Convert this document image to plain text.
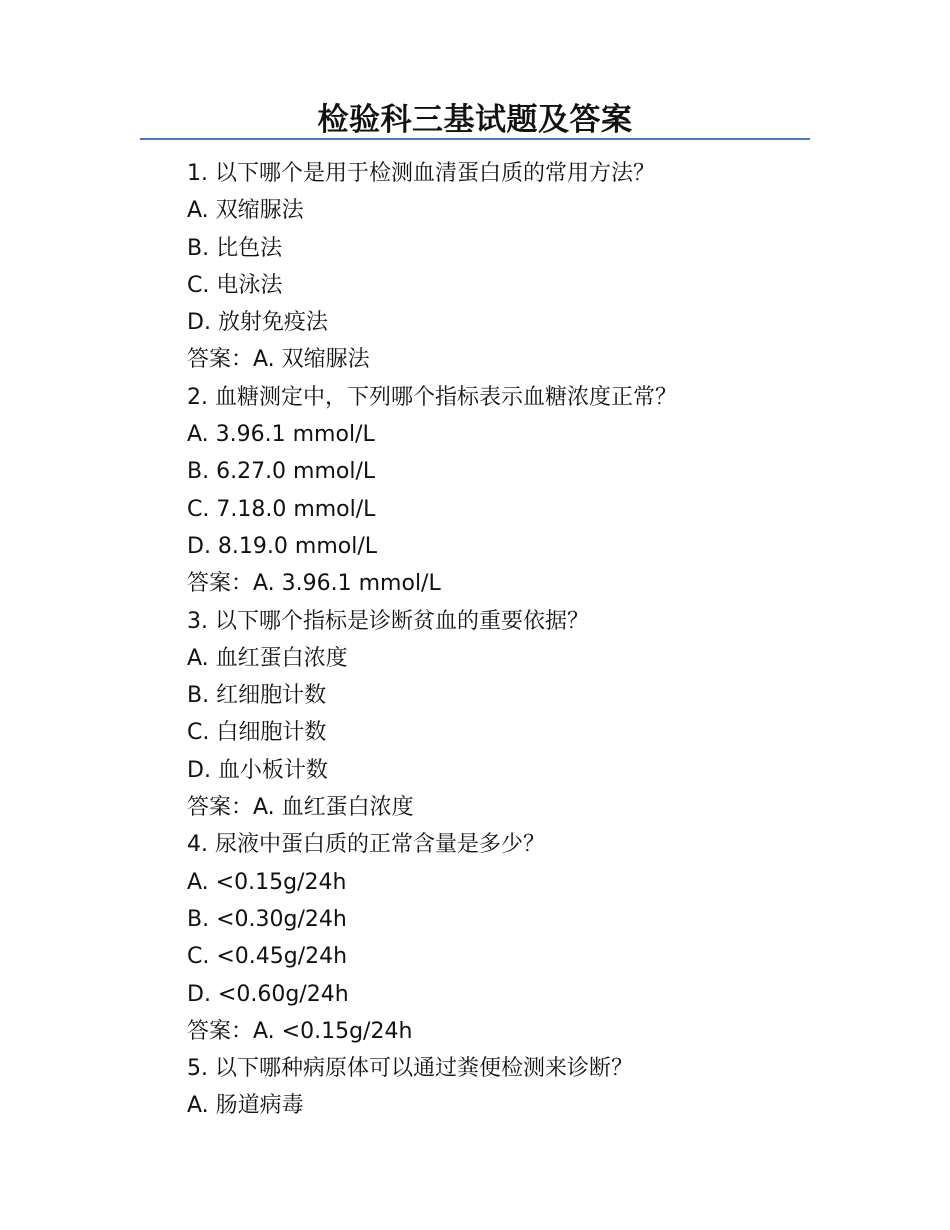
检验科三基试题及答案
1. 以下哪个是用于检测血清蛋白质的常用方法？
A. 双缩脲法
B. 比色法
C. 电泳法
D. 放射免疫法
答案：A. 双缩脲法
2. 血糖测定中，下列哪个指标表示血糖浓度正常？
A. 3.96.1 mmol/L
B. 6.27.0 mmol/L
C. 7.18.0 mmol/L
D. 8.19.0 mmol/L
答案：A. 3.96.1 mmol/L
3. 以下哪个指标是诊断贫血的重要依据？
A. 血红蛋白浓度
B. 红细胞计数
C. 白细胞计数
D. 血小板计数
答案：A. 血红蛋白浓度
4. 尿液中蛋白质的正常含量是多少？
A. <0.15g/24h
B. <0.30g/24h
C. <0.45g/24h
D. <0.60g/24h
答案：A. <0.15g/24h
5. 以下哪种病原体可以通过粪便检测来诊断？
A. 肠道病毒
